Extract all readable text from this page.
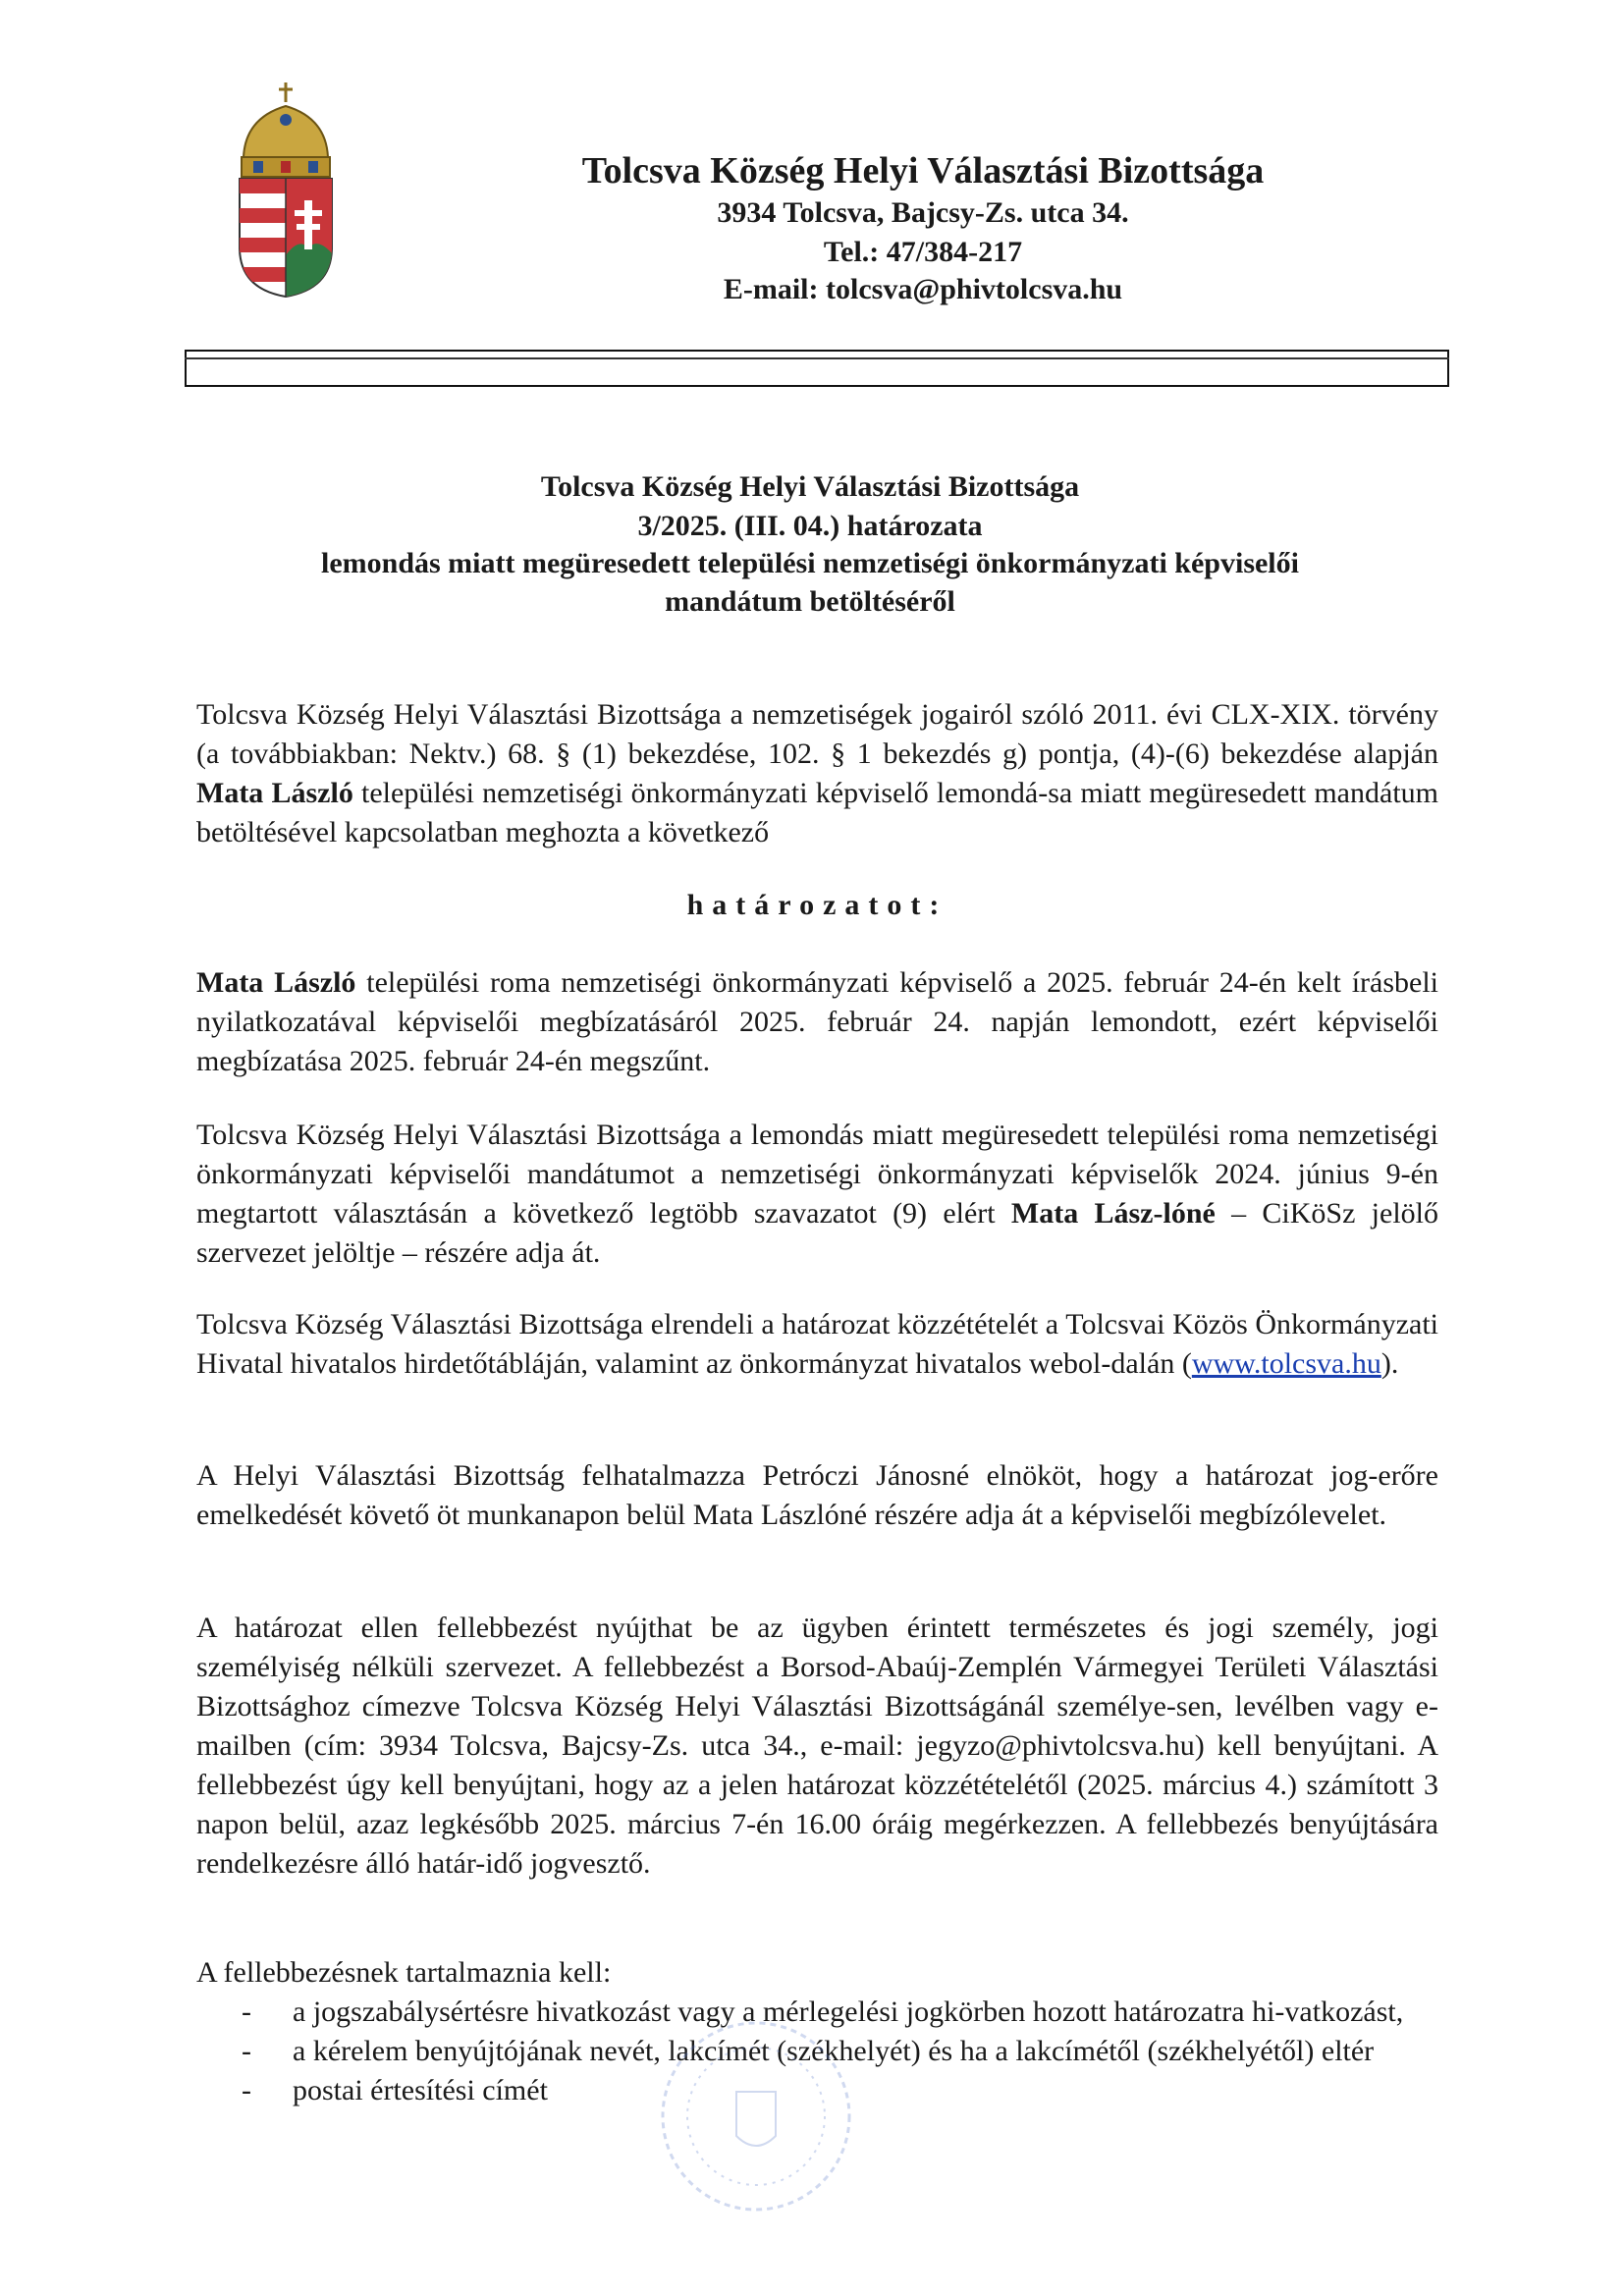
Tolcsva Község Helyi Választási Bizottsága
3934 Tolcsva, Bajcsy-Zs. utca 34.
Tel.: 47/384-217
E-mail: tolcsva@phivtolcsva.hu
Tolcsva Község Helyi Választási Bizottsága
3/2025. (III. 04.) határozata
lemondás miatt megüresedett települési nemzetiségi önkormányzati képviselői
mandátum betöltéséről

Tolcsva Község Helyi Választási Bizottsága a nemzetiségek jogairól szóló 2011. évi CLX-XIX. törvény (a továbbiakban: Nektv.) 68. § (1) bekezdése, 102. § 1 bekezdés g) pontja, (4)-(6) bekezdése alapján Mata László települési nemzetiségi önkormányzati képviselő lemondá-sa miatt megüresedett mandátum betöltésével kapcsolatban meghozta a következő

határozatot:

Mata László települési roma nemzetiségi önkormányzati képviselő a 2025. február 24-én kelt írásbeli nyilatkozatával képviselői megbízatásáról 2025. február 24. napján lemondott, ezért képviselői megbízatása 2025. február 24-én megszűnt.

Tolcsva Község Helyi Választási Bizottsága a lemondás miatt megüresedett települési roma nemzetiségi önkormányzati képviselői mandátumot a nemzetiségi önkormányzati képviselők 2024. június 9-én megtartott választásán a következő legtöbb szavazatot (9) elért Mata Lász-lóné – CiKöSz jelölő szervezet jelöltje – részére adja át.

Tolcsva Község Választási Bizottsága elrendeli a határozat közzétételét a Tolcsvai Közös Önkormányzati Hivatal hivatalos hirdetőtábláján, valamint az önkormányzat hivatalos webol-dalán (www.tolcsva.hu).

A Helyi Választási Bizottság felhatalmazza Petróczi Jánosné elnököt, hogy a határozat jog-erőre emelkedését követő öt munkanapon belül Mata Lászlóné részére adja át a képviselői megbízólevelet.

A határozat ellen fellebbezést nyújthat be az ügyben érintett természetes és jogi személy, jogi személyiség nélküli szervezet. A fellebbezést a Borsod-Abaúj-Zemplén Vármegyei Területi Választási Bizottsághoz címezve Tolcsva Község Helyi Választási Bizottságánál személye-sen, levélben vagy e-mailben (cím: 3934 Tolcsva, Bajcsy-Zs. utca 34., e-mail: jegyzo@phivtolcsva.hu) kell benyújtani. A fellebbezést úgy kell benyújtani, hogy az a jelen határozat közzétételétől (2025. március 4.) számított 3 napon belül, azaz legkésőbb 2025. március 7-én 16.00 óráig megérkezzen. A fellebbezés benyújtására rendelkezésre álló határ-idő jogvesztő.

A fellebbezésnek tartalmaznia kell:

- a jogszabálysértésre hivatkozást vagy a mérlegelési jogkörben hozott határozatra hi-vatkozást,
- a kérelem benyújtójának nevét, lakcímét (székhelyét) és ha a lakcímétől (székhelyétől) eltér
- postai értesítési címét
